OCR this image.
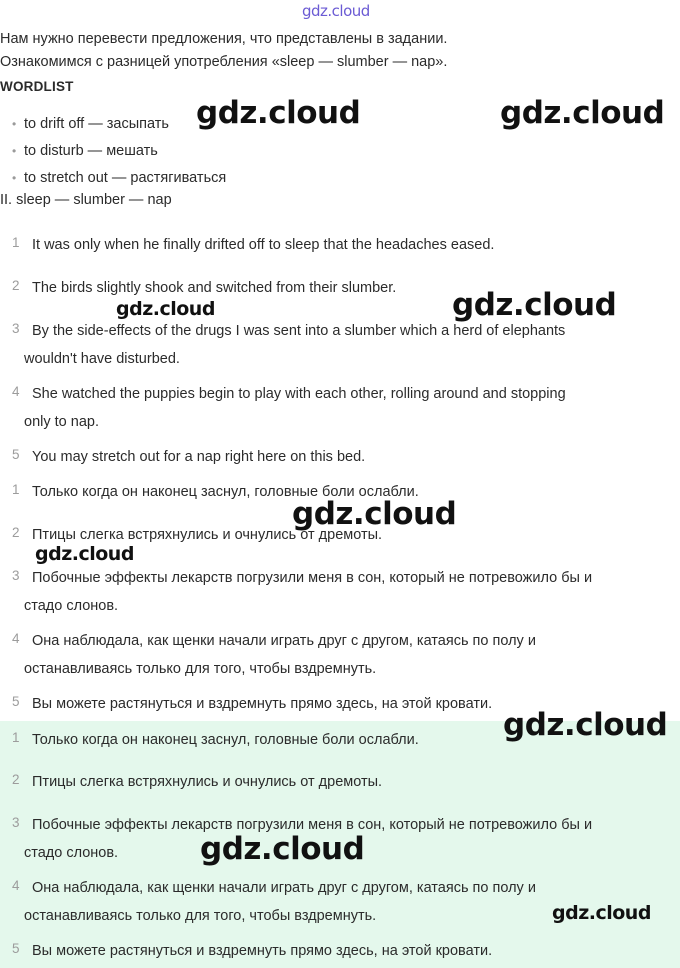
gdz.cloud
Нам нужно перевести предложения, что представлены в задании.
Ознакомимся с разницей употребления «sleep — slumber — nap».
WORDLIST
• to drift off — засыпать
• to disturb — мешать
• to stretch out — растягиваться
II. sleep — slumber — nap
1 It was only when he finally drifted off to sleep that the headaches eased.
2 The birds slightly shook and switched from their slumber.
3 By the side-effects of the drugs I was sent into a slumber which a herd of elephants
wouldn't have disturbed.
4 She watched the puppies begin to play with each other, rolling around and stopping
only to nap.
5 You may stretch out for a nap right here on this bed.
1 Только когда он наконец заснул, головные боли ослабли.
2 Птицы слегка встряхнулись и очнулись от дремоты.
3 Побочные эффекты лекарств погрузили меня в сон, который не потревожило бы и
стадо слонов.
4 Она наблюдала, как щенки начали играть друг с другом, катаясь по полу и
останавливаясь только для того, чтобы вздремнуть.
5 Вы можете растянуться и вздремнуть прямо здесь, на этой кровати.
1 Только когда он наконец заснул, головные боли ослабли.
2 Птицы слегка встряхнулись и очнулись от дремоты.
3 Побочные эффекты лекарств погрузили меня в сон, который не потревожило бы и
стадо слонов.
4 Она наблюдала, как щенки начали играть друг с другом, катаясь по полу и
останавливаясь только для того, чтобы вздремнуть.
5 Вы можете растянуться и вздремнуть прямо здесь, на этой кровати.
gdz.cloud	gdz.cloud
gdz.cloud	gdz.cloud
gdz.cloud
gdz.cloud
gdz.cloud
gdz.cloud
gdz.cloud
